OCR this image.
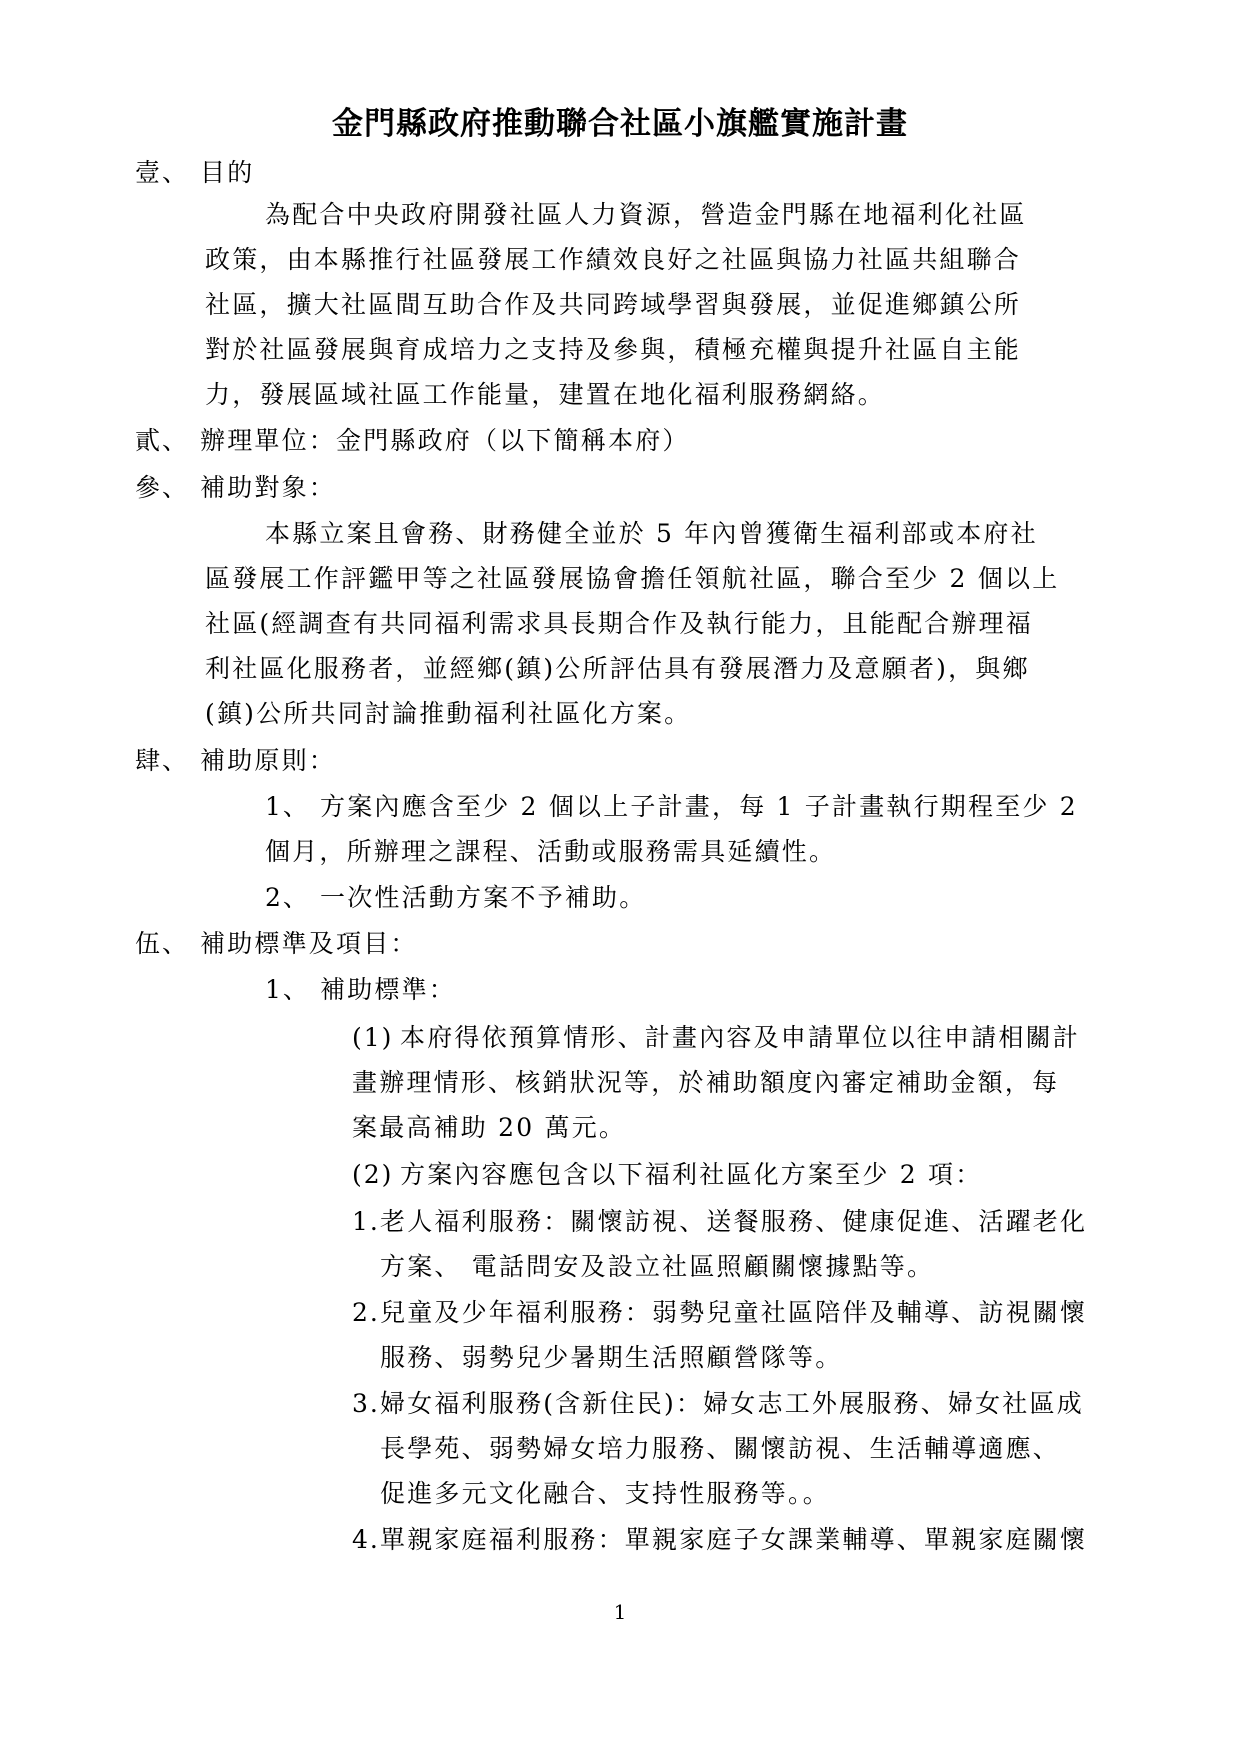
金門縣政府推動聯合社區小旗艦實施計畫
壹、 目的
為配合中央政府開發社區人力資源，營造金門縣在地福利化社區
政策，由本縣推行社區發展工作績效良好之社區與協力社區共組聯合
社區，擴大社區間互助合作及共同跨域學習與發展，並促進鄉鎮公所
對於社區發展與育成培力之支持及參與，積極充權與提升社區自主能
力，發展區域社區工作能量，建置在地化福利服務網絡。
貳、 辦理單位：金門縣政府（以下簡稱本府）
參、 補助對象：
本縣立案且會務、財務健全並於 5 年內曾獲衛生福利部或本府社
區發展工作評鑑甲等之社區發展協會擔任領航社區，聯合至少 2 個以上
社區(經調查有共同福利需求具長期合作及執行能力，且能配合辦理福
利社區化服務者，並經鄉(鎮)公所評估具有發展潛力及意願者)，與鄉
(鎮)公所共同討論推動福利社區化方案。
肆、 補助原則：
1、 方案內應含至少 2 個以上子計畫，每 1 子計畫執行期程至少 2
個月，所辦理之課程、活動或服務需具延續性。
2、 一次性活動方案不予補助。
伍、 補助標準及項目：
1、 補助標準：
(1) 本府得依預算情形、計畫內容及申請單位以往申請相關計
畫辦理情形、核銷狀況等，於補助額度內審定補助金額，每
案最高補助 20 萬元。
(2) 方案內容應包含以下福利社區化方案至少 2 項：
1. 老人福利服務：關懷訪視、送餐服務、健康促進、活躍老化
方案、 電話問安及設立社區照顧關懷據點等。
2. 兒童及少年福利服務：弱勢兒童社區陪伴及輔導、訪視關懷
服務、弱勢兒少暑期生活照顧營隊等。
3. 婦女福利服務(含新住民)：婦女志工外展服務、婦女社區成
長學苑、弱勢婦女培力服務、關懷訪視、生活輔導適應、
促進多元文化融合、支持性服務等。。
4. 單親家庭福利服務：單親家庭子女課業輔導、單親家庭關懷
1
